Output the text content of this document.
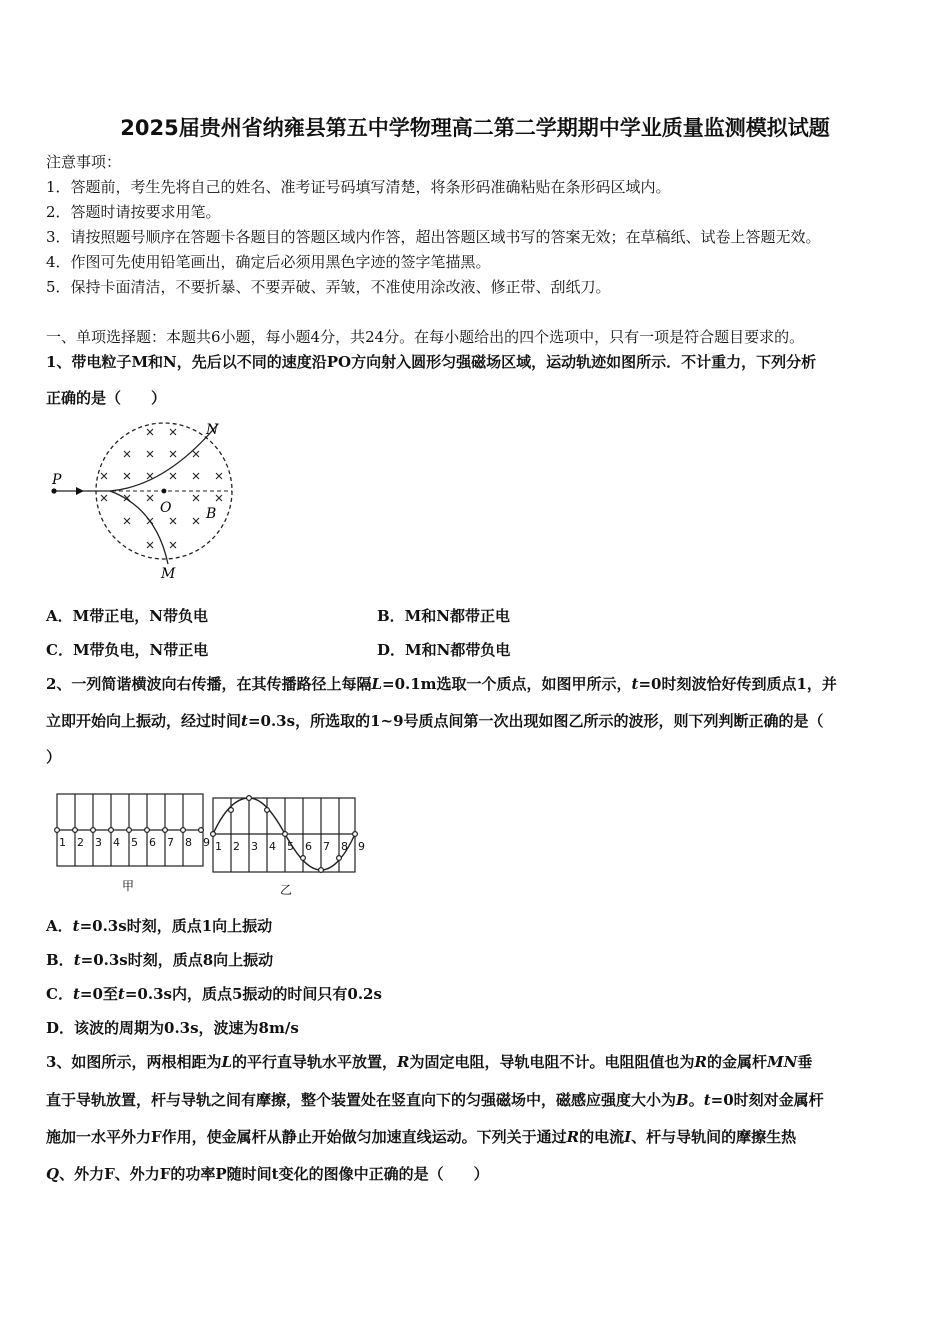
2025届贵州省纳雍县第五中学物理高二第二学期期中学业质量监测模拟试题
注意事项：
1．答题前，考生先将自己的姓名、准考证号码填写清楚，将条形码准确粘贴在条形码区域内。
2．答题时请按要求用笔。
3．请按照题号顺序在答题卡各题目的答题区域内作答，超出答题区域书写的答案无效；在草稿纸、试卷上答题无效。
4．作图可先使用铅笔画出，确定后必须用黑色字迹的签字笔描黑。
5．保持卡面清洁，不要折暴、不要弄破、弄皱，不准使用涂改液、修正带、刮纸刀。
一、单项选择题：本题共6小题，每小题4分，共24分。在每小题给出的四个选项中，只有一项是符合题目要求的。
1、带电粒子M和N，先后以不同的速度沿PO方向射入圆形匀强磁场区域，运动轨迹如图所示．不计重力，下列分析
正确的是（　　）
P
N
O B
M
A．M带正电，N带负电	B．M和N都带正电
C．M带负电，N带正电	D．M和N都带负电
2、一列简谐横波向右传播，在其传播路径上每隔L=0.1m选取一个质点，如图甲所示，t=0时刻波恰好传到质点1，并
立即开始向上振动，经过时间t=0.3s，所选取的1~9号质点间第一次出现如图乙所示的波形，则下列判断正确的是（
）
1 2 3 4 5 6 7 8 9
甲
1 2 3 4 5 6 7 8 9
乙
A．t=0.3s时刻，质点1向上振动
B．t=0.3s时刻，质点8向上振动
C．t=0至t=0.3s内，质点5振动的时间只有0.2s
D．该波的周期为0.3s，波速为8m/s
3、如图所示，两根相距为L的平行直导轨水平放置，R为固定电阻，导轨电阻不计。电阻阻值也为R的金属杆MN垂
直于导轨放置，杆与导轨之间有摩擦，整个装置处在竖直向下的匀强磁场中，磁感应强度大小为B。t=0时刻对金属杆
施加一水平外力F作用，使金属杆从静止开始做匀加速直线运动。下列关于通过R的电流I、杆与导轨间的摩擦生热
Q、外力F、外力F的功率P随时间t变化的图像中正确的是（　　）
